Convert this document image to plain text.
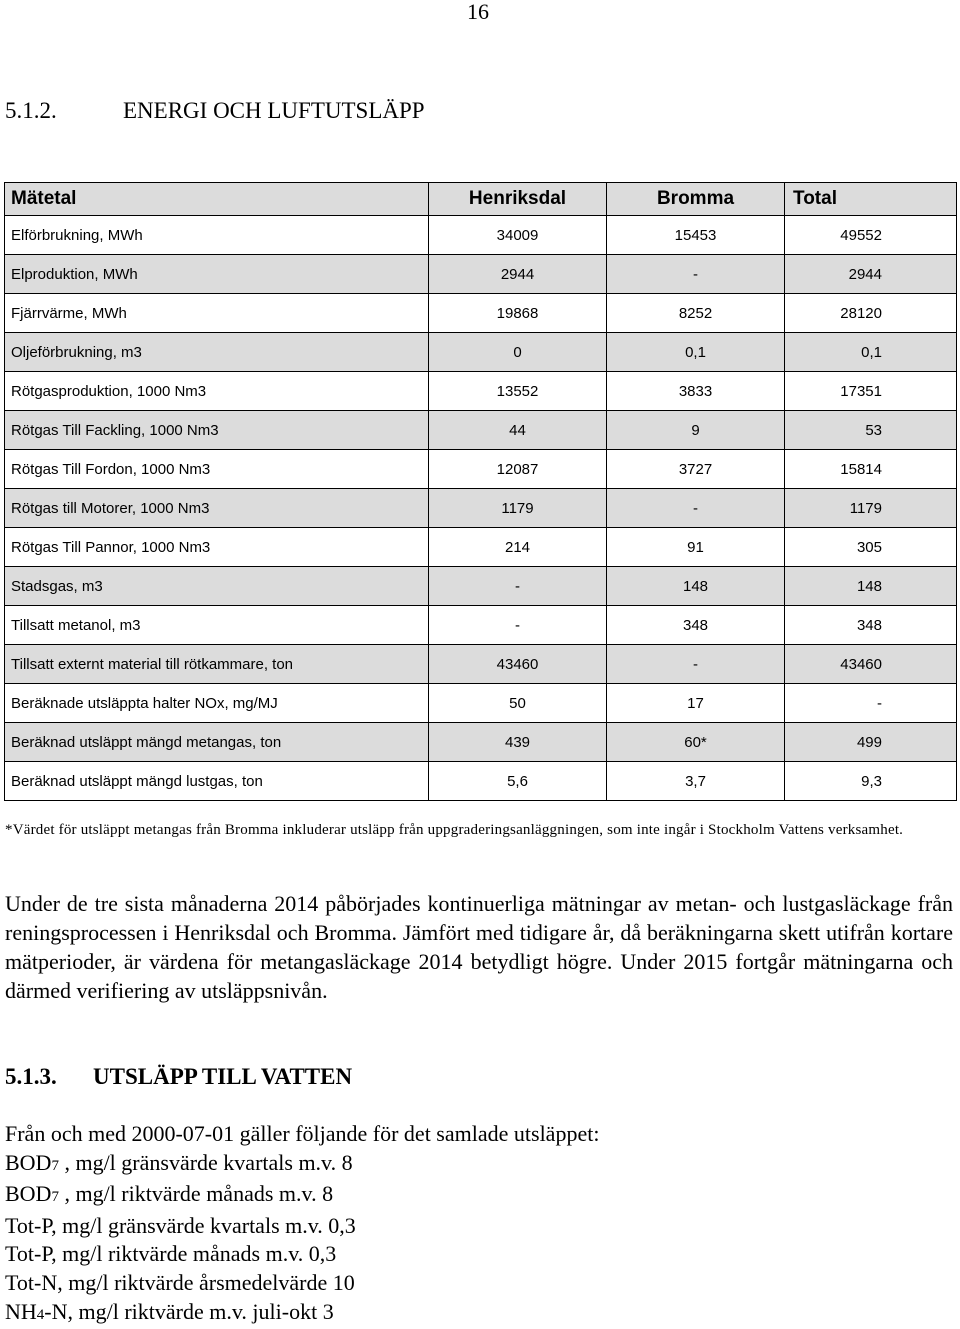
16
5.1.2.	ENERGI OCH LUFTUTSLÄPP
Mätetal	Henriksdal	Bromma	Total
Elförbrukning, MWh	34009	15453	49552
Elproduktion, MWh	2944	-	2944
Fjärrvärme, MWh	19868	8252	28120
Oljeförbrukning, m3	0	0,1	0,1
Rötgasproduktion, 1000 Nm3	13552	3833	17351
Rötgas Till Fackling, 1000 Nm3	44	9	53
Rötgas Till Fordon, 1000 Nm3	12087	3727	15814
Rötgas till Motorer, 1000 Nm3	1179	-	1179
Rötgas Till Pannor, 1000 Nm3	214	91	305
Stadsgas, m3	-	148	148
Tillsatt metanol, m3	-	348	348
Tillsatt externt material till rötkammare, ton	43460	-	43460
Beräknade utsläppta halter NOx, mg/MJ	50	17	-
Beräknad utsläppt mängd metangas, ton	439	60*	499
Beräknad utsläppt mängd lustgas, ton	5,6	3,7	9,3
*Värdet för utsläppt metangas från Bromma inkluderar utsläpp från uppgraderingsanläggningen, som inte ingår i Stockholm Vattens verksamhet.
Under de tre sista månaderna 2014 påbörjades kontinuerliga mätningar av metan- och lustgasläckage från reningsprocessen i Henriksdal och Bromma. Jämfört med tidigare år, då beräkningarna skett utifrån kortare mätperioder, är värdena för metangasläckage 2014 betydligt högre. Under 2015 fortgår mätningarna och därmed verifiering av utsläppsnivån.
5.1.3. UTSLÄPP TILL VATTEN
Från och med 2000-07-01 gäller följande för det samlade utsläppet:
BOD7 , mg/l gränsvärde kvartals m.v. 8
BOD7 , mg/l riktvärde månads m.v. 8
Tot-P, mg/l gränsvärde kvartals m.v. 0,3
Tot-P, mg/l riktvärde månads m.v. 0,3
Tot-N, mg/l riktvärde årsmedelvärde 10
NH4-N, mg/l riktvärde m.v. juli-okt 3
